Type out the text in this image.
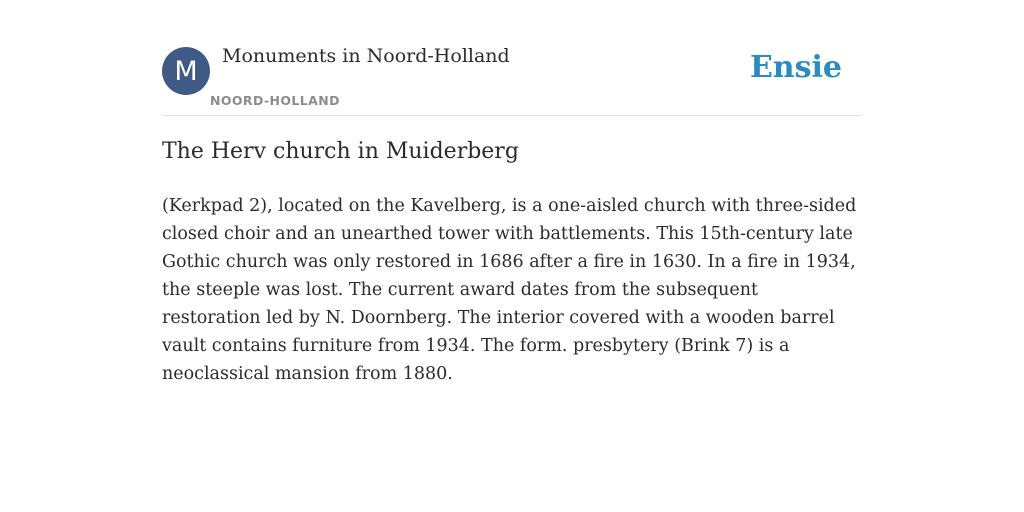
M	Monuments in Noord-Holland
NOORD-HOLLAND
Ensie
The Herv church in Muiderberg

(Kerkpad 2), located on the Kavelberg, is a one-aisled church with three-sided closed choir and an unearthed tower with battlements. This 15th-century late Gothic church was only restored in 1686 after a fire in 1630. In a fire in 1934, the steeple was lost. The current award dates from the subsequent restoration led by N. Doornberg. The interior covered with a wooden barrel vault contains furniture from 1934. The form. presbytery (Brink 7) is a neoclassical mansion from 1880.
